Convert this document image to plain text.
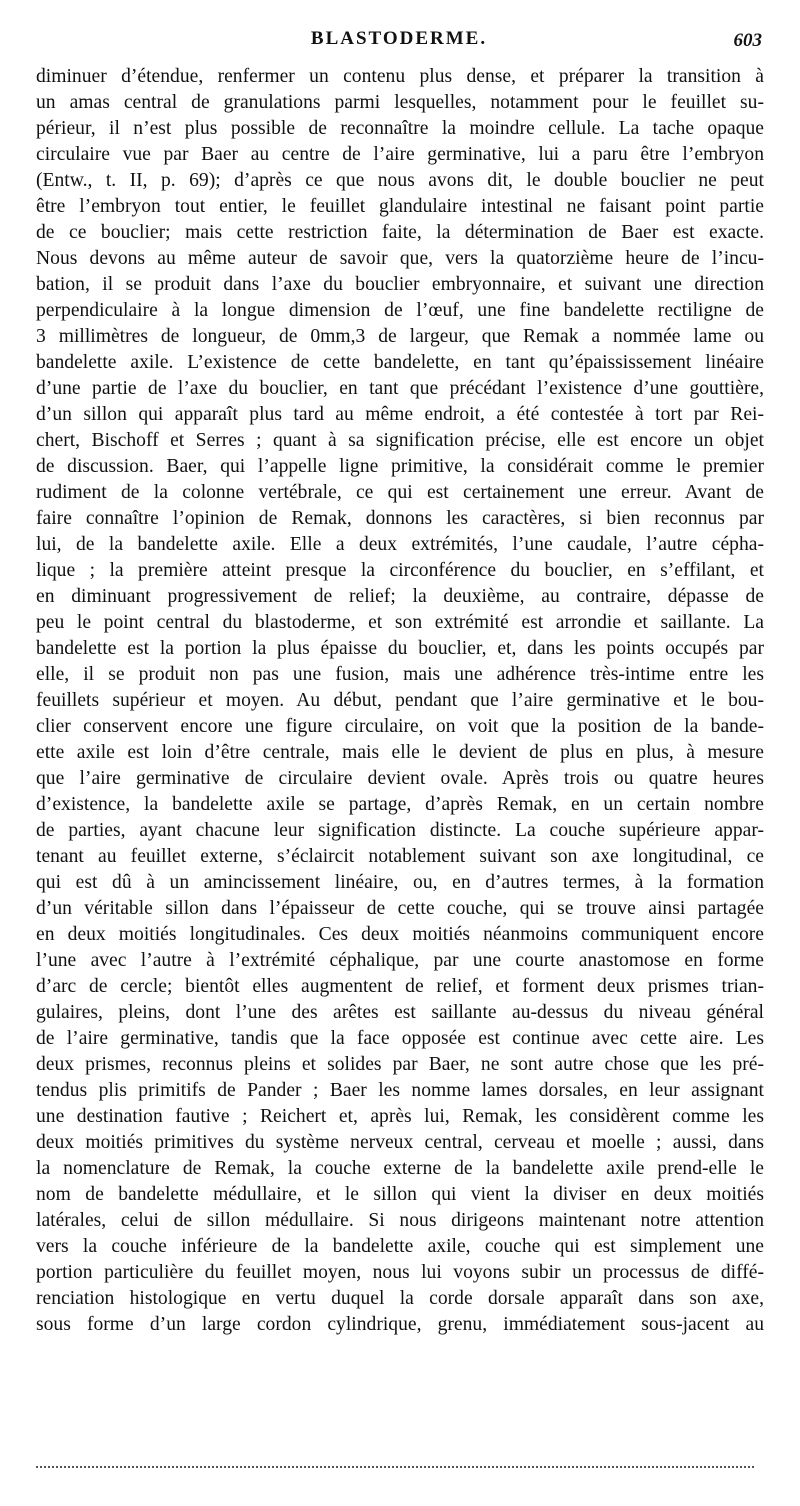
BLASTODERME.	603
diminuer d’étendue, renfermer un contenu plus dense, et préparer la transition à
un amas central de granulations parmi lesquelles, notamment pour le feuillet su-
périeur, il n’est plus possible de reconnaître la moindre cellule. La tache opaque
circulaire vue par Baer au centre de l’aire germinative, lui a paru être l’embryon
(Entw., t. II, p. 69); d’après ce que nous avons dit, le double bouclier ne peut
être l’embryon tout entier, le feuillet glandulaire intestinal ne faisant point partie
de ce bouclier; mais cette restriction faite, la détermination de Baer est exacte.
Nous devons au même auteur de savoir que, vers la quatorzième heure de l’incu-
bation, il se produit dans l’axe du bouclier embryonnaire, et suivant une direction
perpendiculaire à la longue dimension de l’œuf, une fine bandelette rectiligne de
3 millimètres de longueur, de 0mm,3 de largeur, que Remak a nommée lame ou
bandelette axile. L’existence de cette bandelette, en tant qu’épaississement linéaire
d’une partie de l’axe du bouclier, en tant que précédant l’existence d’une gouttière,
d’un sillon qui apparaît plus tard au même endroit, a été contestée à tort par Rei-
chert, Bischoff et Serres ; quant à sa signification précise, elle est encore un objet
de discussion. Baer, qui l’appelle ligne primitive, la considérait comme le premier
rudiment de la colonne vertébrale, ce qui est certainement une erreur. Avant de
faire connaître l’opinion de Remak, donnons les caractères, si bien reconnus par
lui, de la bandelette axile. Elle a deux extrémités, l’une caudale, l’autre cépha-
lique ; la première atteint presque la circonférence du bouclier, en s’effilant, et
en diminuant progressivement de relief; la deuxième, au contraire, dépasse de
peu le point central du blastoderme, et son extrémité est arrondie et saillante. La
bandelette est la portion la plus épaisse du bouclier, et, dans les points occupés par
elle, il se produit non pas une fusion, mais une adhérence très-intime entre les
feuillets supérieur et moyen. Au début, pendant que l’aire germinative et le bou-
clier conservent encore une figure circulaire, on voit que la position de la bande-
ette axile est loin d’être centrale, mais elle le devient de plus en plus, à mesure
que l’aire germinative de circulaire devient ovale. Après trois ou quatre heures
d’existence, la bandelette axile se partage, d’après Remak, en un certain nombre
de parties, ayant chacune leur signification distincte. La couche supérieure appar-
tenant au feuillet externe, s’éclaircit notablement suivant son axe longitudinal, ce
qui est dû à un amincissement linéaire, ou, en d’autres termes, à la formation
d’un véritable sillon dans l’épaisseur de cette couche, qui se trouve ainsi partagée
en deux moitiés longitudinales. Ces deux moitiés néanmoins communiquent encore
l’une avec l’autre à l’extrémité céphalique, par une courte anastomose en forme
d’arc de cercle; bientôt elles augmentent de relief, et forment deux prismes trian-
gulaires, pleins, dont l’une des arêtes est saillante au-dessus du niveau général
de l’aire germinative, tandis que la face opposée est continue avec cette aire. Les
deux prismes, reconnus pleins et solides par Baer, ne sont autre chose que les pré-
tendus plis primitifs de Pander ; Baer les nomme lames dorsales, en leur assignant
une destination fautive ; Reichert et, après lui, Remak, les considèrent comme les
deux moitiés primitives du système nerveux central, cerveau et moelle ; aussi, dans
la nomenclature de Remak, la couche externe de la bandelette axile prend-elle le
nom de bandelette médullaire, et le sillon qui vient la diviser en deux moitiés
latérales, celui de sillon médullaire. Si nous dirigeons maintenant notre attention
vers la couche inférieure de la bandelette axile, couche qui est simplement une
portion particulière du feuillet moyen, nous lui voyons subir un processus de diffé-
renciation histologique en vertu duquel la corde dorsale apparaît dans son axe,
sous forme d’un large cordon cylindrique, grenu, immédiatement sous-jacent au
